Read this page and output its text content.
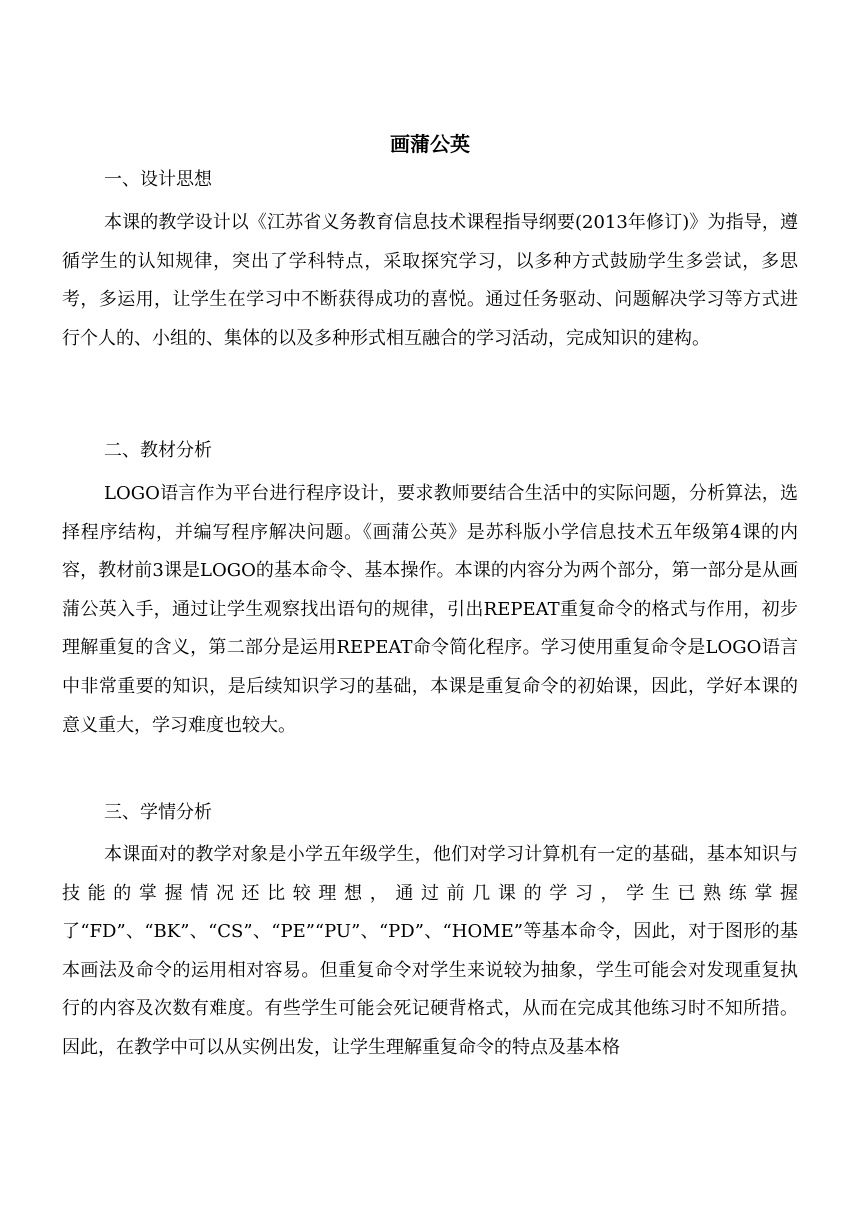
画蒲公英
一、设计思想
本课的教学设计以《江苏省义务教育信息技术课程指导纲要(2013年修订)》为指导，遵循学生的认知规律，突出了学科特点，采取探究学习，以多种方式鼓励学生多尝试，多思考，多运用，让学生在学习中不断获得成功的喜悦。通过任务驱动、问题解决学习等方式进行个人的、小组的、集体的以及多种形式相互融合的学习活动，完成知识的建构。
二、教材分析
LOGO语言作为平台进行程序设计，要求教师要结合生活中的实际问题，分析算法，选择程序结构，并编写程序解决问题。《画蒲公英》是苏科版小学信息技术五年级第4课的内容，教材前3课是LOGO的基本命令、基本操作。本课的内容分为两个部分，第一部分是从画蒲公英入手，通过让学生观察找出语句的规律，引出REPEAT重复命令的格式与作用，初步理解重复的含义，第二部分是运用REPEAT命令简化程序。学习使用重复命令是LOGO语言中非常重要的知识，是后续知识学习的基础，本课是重复命令的初始课，因此，学好本课的意义重大，学习难度也较大。
三、学情分析
本课面对的教学对象是小学五年级学生，他们对学习计算机有一定的基础，基本知识与技能的掌握情况还比较理想，通过前几课的学习，学生已熟练掌握了“FD”、“BK”、“CS”、“PE”“PU”、“PD”、“HOME”等基本命令，因此，对于图形的基本画法及命令的运用相对容易。但重复命令对学生来说较为抽象，学生可能会对发现重复执行的内容及次数有难度。有些学生可能会死记硬背格式，从而在完成其他练习时不知所措。因此，在教学中可以从实例出发，让学生理解重复命令的特点及基本格
